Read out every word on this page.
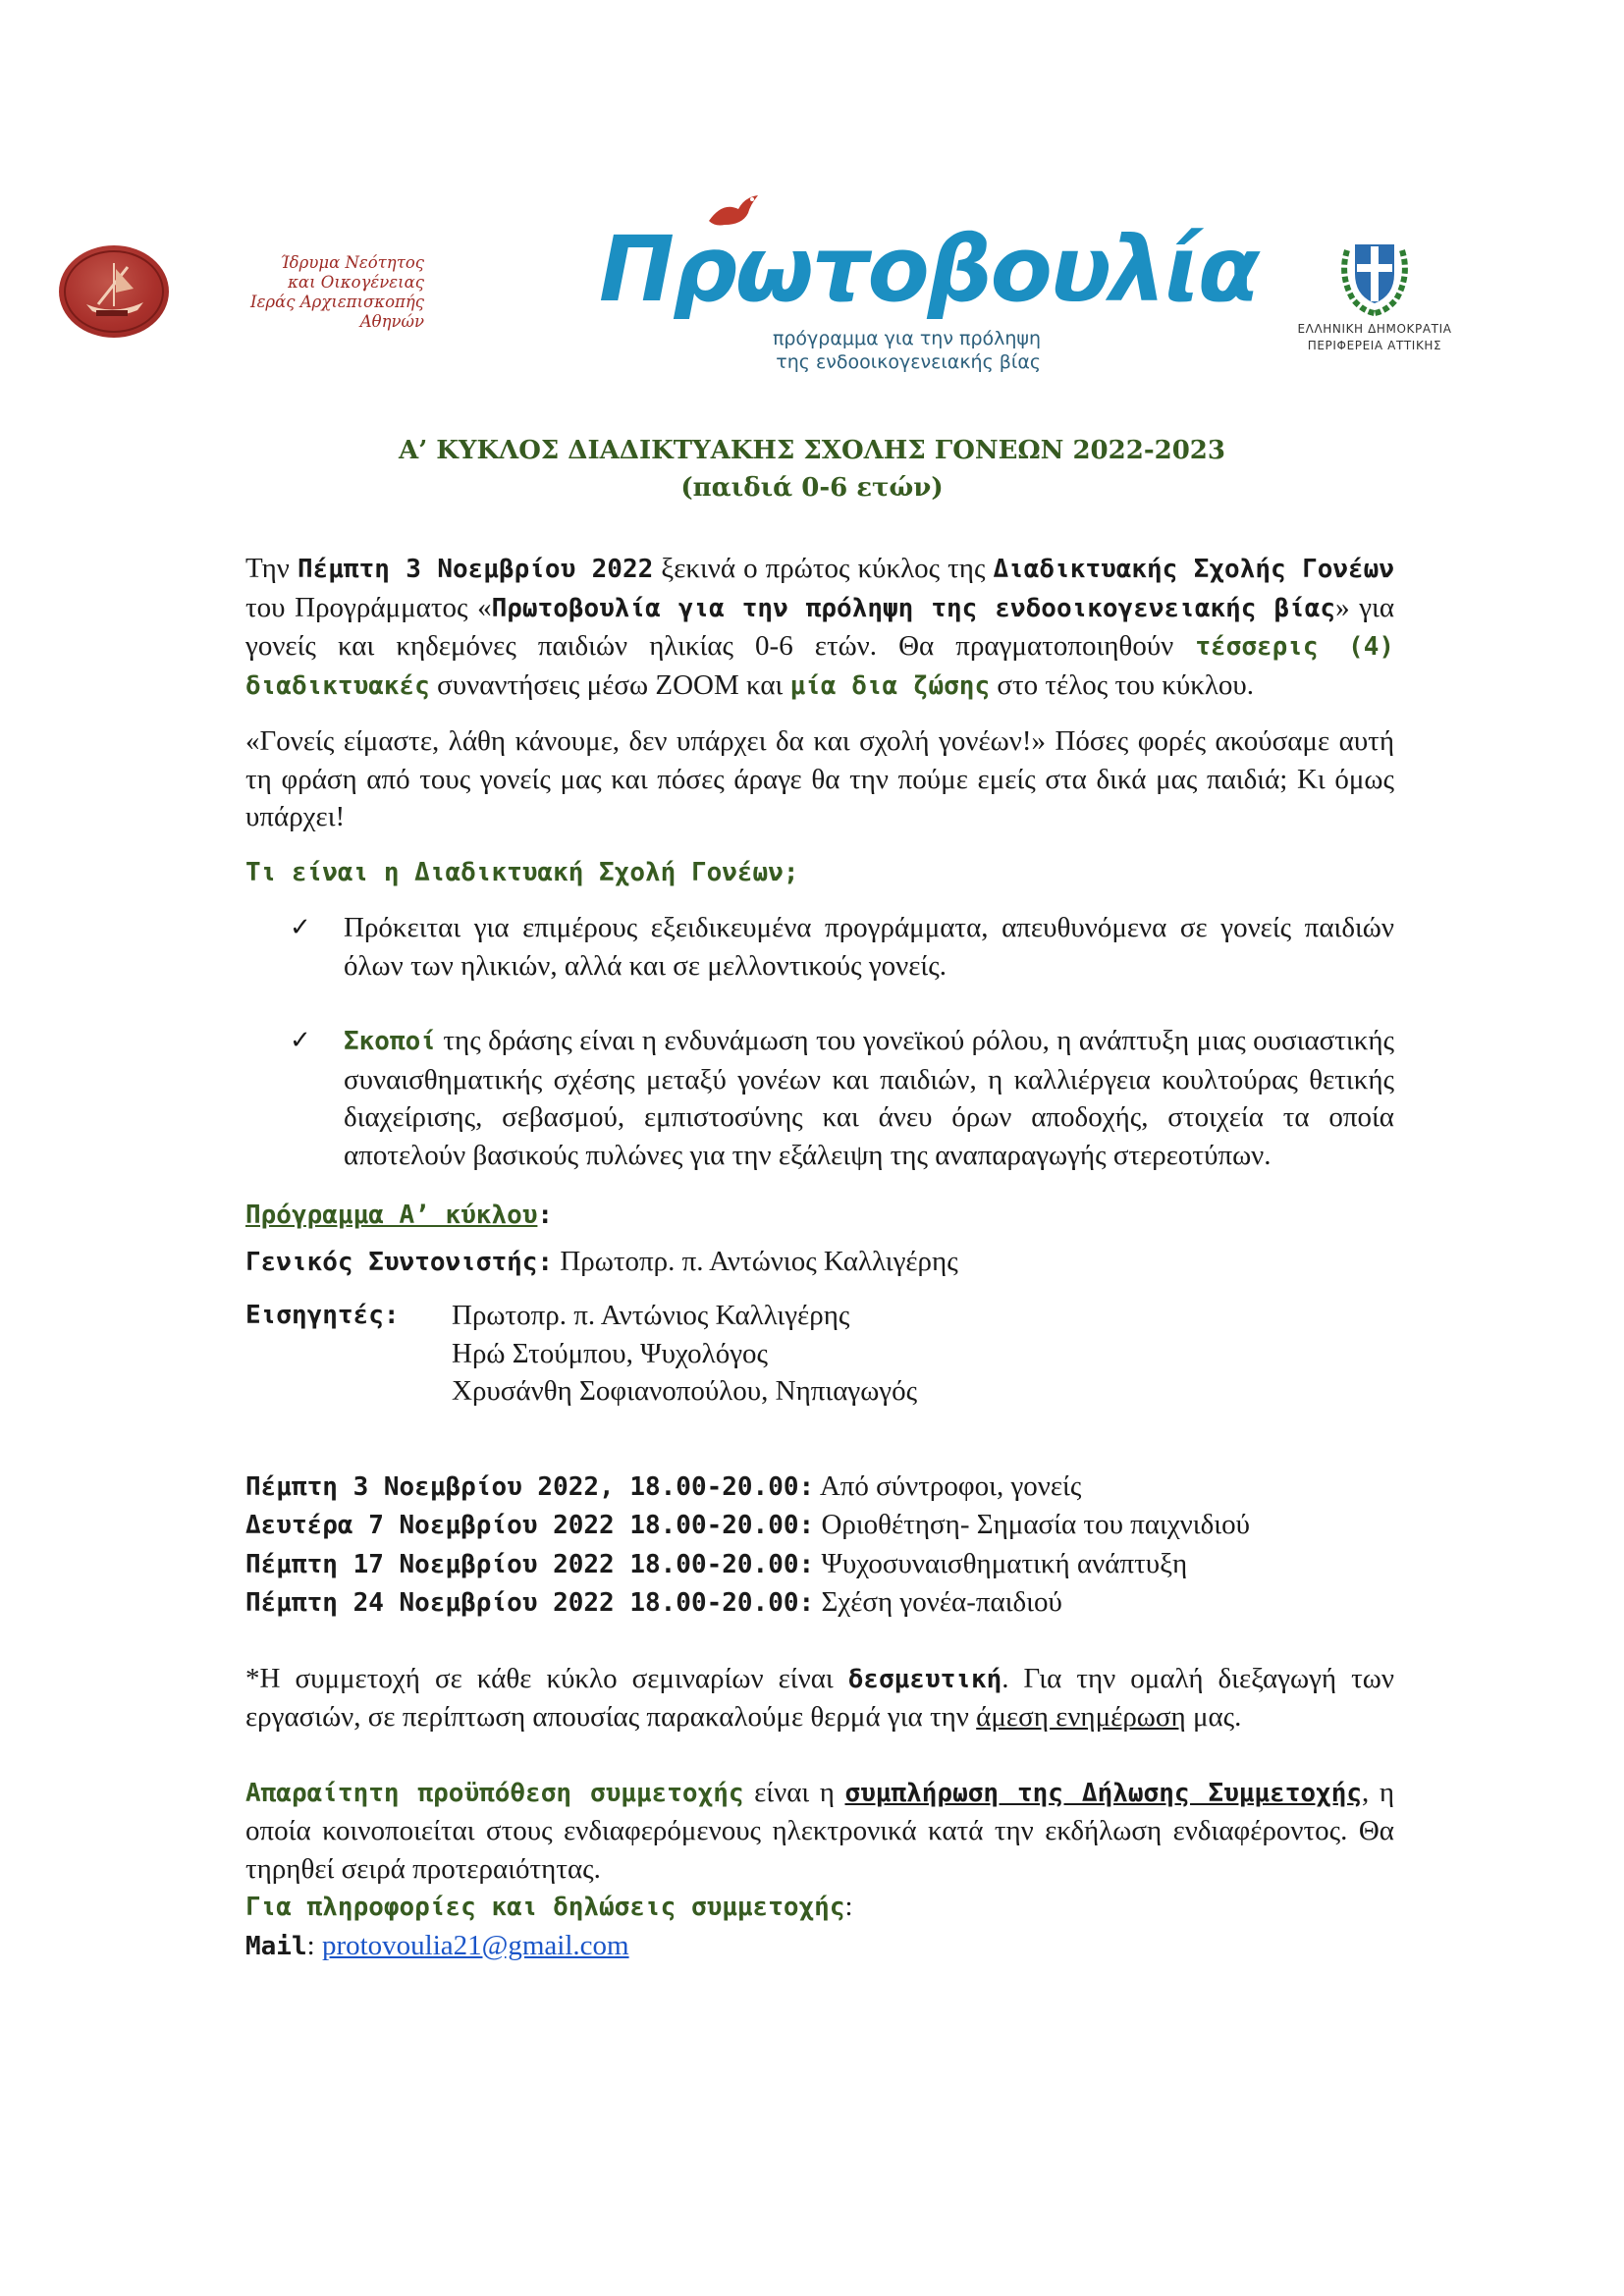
Ίδρυμα Νεότητος
και Οικογένειας
Ιεράς Αρχιεπισκοπής
Αθηνών Πρωτοβουλία
πρόγραμμα για την πρόληψη
της ενδοοικογενειακής βίας
ΕΛΛΗΝΙΚΗ ΔΗΜΟΚΡΑΤΙΑ
ΠΕΡΙΦΕΡΕΙΑ ΑΤΤΙΚΗΣ
Α’ ΚΥΚΛΟΣ ΔΙΑΔΙΚΤΥΑΚΗΣ ΣΧΟΛΗΣ ΓΟΝΕΩΝ 2022-2023
(παιδιά 0-6 ετών)

Την Πέμπτη 3 Νοεμβρίου 2022 ξεκινά ο πρώτος κύκλος της Διαδικτυακής Σχολής Γονέων του Προγράμματος «Πρωτοβουλία για την πρόληψη της ενδοοικογενειακής βίας» για γονείς και κηδεμόνες παιδιών ηλικίας 0-6 ετών. Θα πραγματοποιηθούν τέσσερις (4) διαδικτυακές συναντήσεις μέσω ZOOM και μία δια ζώσης στο τέλος του κύκλου.

«Γονείς είμαστε, λάθη κάνουμε, δεν υπάρχει δα και σχολή γονέων!» Πόσες φορές ακούσαμε αυτή τη φράση από τους γονείς μας και πόσες άραγε θα την πούμε εμείς στα δικά μας παιδιά; Κι όμως υπάρχει!

Τι είναι η Διαδικτυακή Σχολή Γονέων;

✓ Πρόκειται για επιμέρους εξειδικευμένα προγράμματα, απευθυνόμενα σε γονείς παιδιών όλων των ηλικιών, αλλά και σε μελλοντικούς γονείς.

✓	Σκοποί της δράσης είναι η ενδυνάμωση του γονεϊκού ρόλου, η ανάπτυξη μιας ουσιαστικής συναισθηματικής σχέσης μεταξύ γονέων και παιδιών, η καλλιέργεια κουλτούρας θετικής διαχείρισης, σεβασμού, εμπιστοσύνης και άνευ όρων αποδοχής, στοιχεία τα οποία αποτελούν βασικούς πυλώνες για την εξάλειψη της αναπαραγωγής στερεοτύπων.

Πρόγραμμα Α’ κύκλου:

Γενικός Συντονιστής: Πρωτοπρ. π. Αντώνιος Καλλιγέρης

Εισηγητές:	Πρωτοπρ. π. Αντώνιος Καλλιγέρης
Ηρώ Στούμπου, Ψυχολόγος
Χρυσάνθη Σοφιανοπούλου, Νηπιαγωγός

Πέμπτη 3 Νοεμβρίου 2022, 18.00-20.00: Από σύντροφοι, γονείς

Δευτέρα 7 Νοεμβρίου 2022 18.00-20.00: Οριοθέτηση- Σημασία του παιχνιδιού

Πέμπτη 17 Νοεμβρίου 2022 18.00-20.00: Ψυχοσυναισθηματική ανάπτυξη

Πέμπτη 24 Νοεμβρίου 2022 18.00-20.00: Σχέση γονέα-παιδιού

*Η συμμετοχή σε κάθε κύκλο σεμιναρίων είναι δεσμευτική. Για την ομαλή διεξαγωγή των εργασιών, σε περίπτωση απουσίας παρακαλούμε θερμά για την άμεση ενημέρωση μας.

Απαραίτητη προϋπόθεση συμμετοχής είναι η συμπλήρωση της Δήλωσης Συμμετοχής, η οποία κοινοποιείται στους ενδιαφερόμενους ηλεκτρονικά κατά την εκδήλωση ενδιαφέροντος. Θα τηρηθεί σειρά προτεραιότητας.

Για πληροφορίες και δηλώσεις συμμετοχής:

Mail: protovoulia21@gmail.com
